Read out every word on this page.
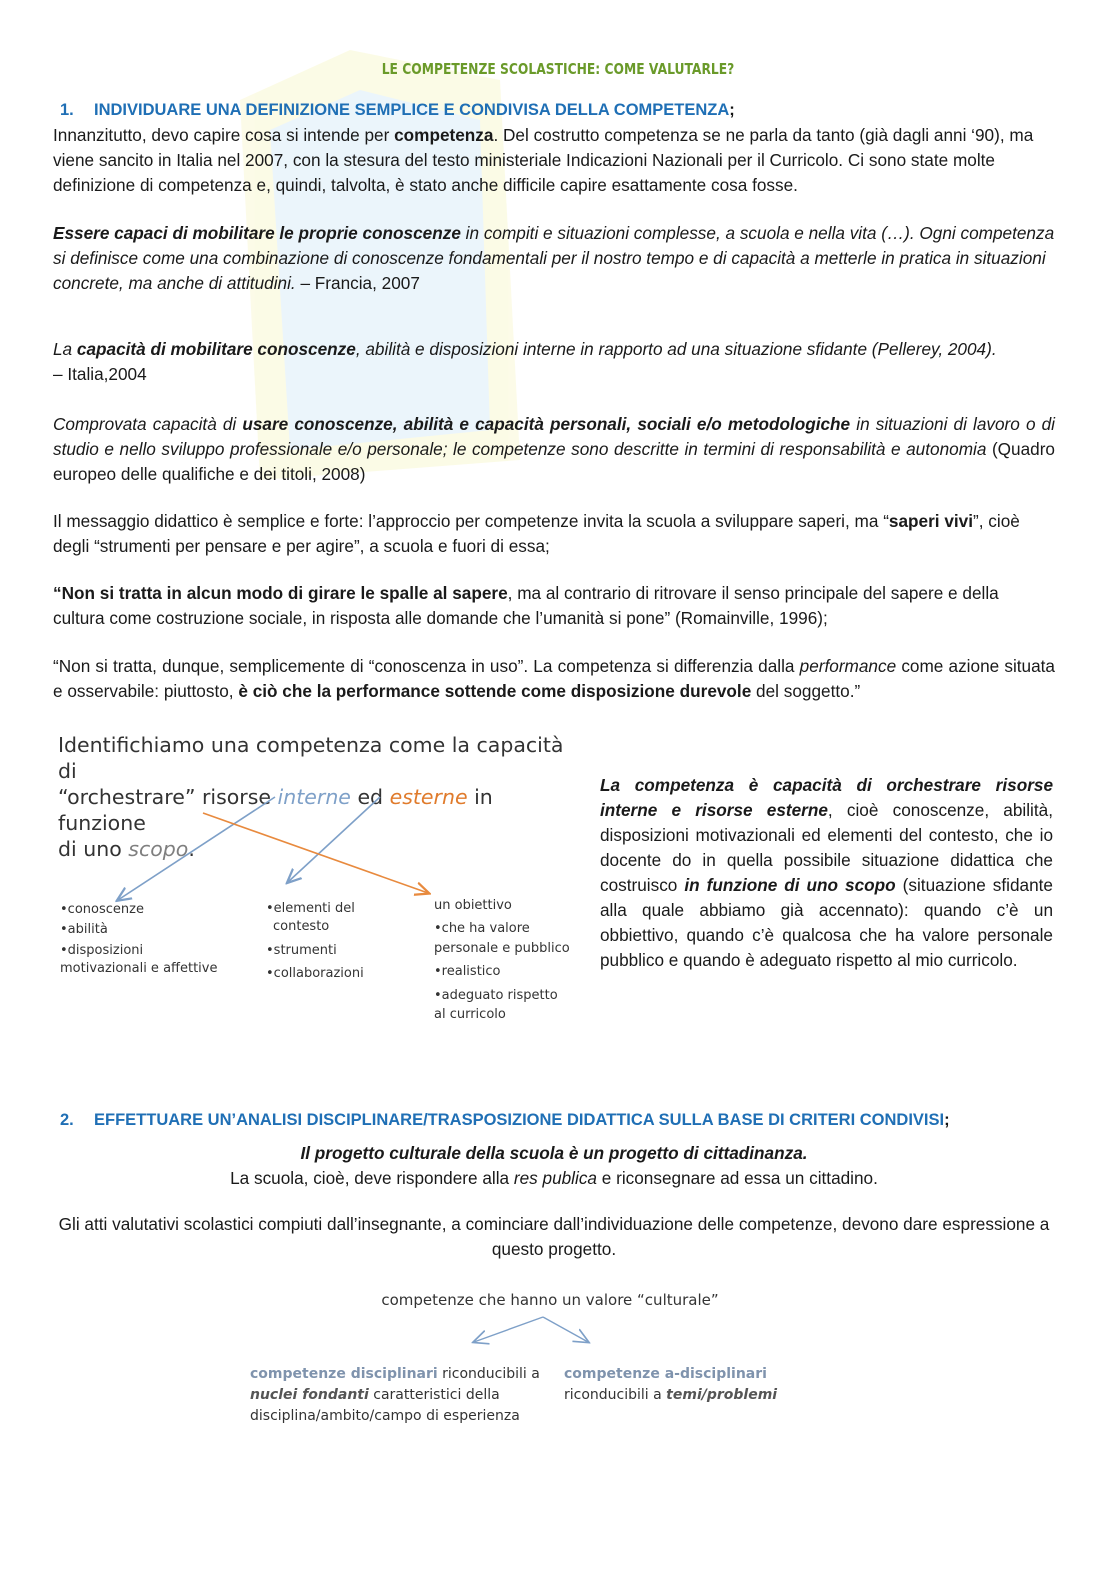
LE COMPETENZE SCOLASTICHE: COME VALUTARLE?
1. INDIVIDUARE UNA DEFINIZIONE SEMPLICE E CONDIVISA DELLA COMPETENZA;
Innanzitutto, devo capire cosa si intende per competenza. Del costrutto competenza se ne parla da tanto (già dagli anni ‘90), ma viene sancito in Italia nel 2007, con la stesura del testo ministeriale Indicazioni Nazionali per il Curricolo. Ci sono state molte definizione di competenza e, quindi, talvolta, è stato anche difficile capire esattamente cosa fosse.
Essere capaci di mobilitare le proprie conoscenze in compiti e situazioni complesse, a scuola e nella vita (…). Ogni competenza si definisce come una combinazione di conoscenze fondamentali per il nostro tempo e di capacità a metterle in pratica in situazioni concrete, ma anche di attitudini. – Francia, 2007
La capacità di mobilitare conoscenze, abilità e disposizioni interne in rapporto ad una situazione sfidante (Pellerey, 2004).
– Italia,2004
Comprovata capacità di usare conoscenze, abilità e capacità personali, sociali e/o metodologiche in situazioni di lavoro o di studio e nello sviluppo professionale e/o personale; le competenze sono descritte in termini di responsabilità e autonomia (Quadro europeo delle qualifiche e dei titoli, 2008)
Il messaggio didattico è semplice e forte: l’approccio per competenze invita la scuola a sviluppare saperi, ma “saperi vivi”, cioè degli “strumenti per pensare e per agire”, a scuola e fuori di essa;
“Non si tratta in alcun modo di girare le spalle al sapere, ma al contrario di ritrovare il senso principale del sapere e della cultura come costruzione sociale, in risposta alle domande che l’umanità si pone” (Romainville, 1996);
“Non si tratta, dunque, semplicemente di “conoscenza in uso”. La competenza si differenzia dalla performance come azione situata e osservabile: piuttosto, è ciò che la performance sottende come disposizione durevole del soggetto.”
Identifichiamo una competenza come la capacità di
“orchestrare” risorse interne ed esterne in funzione
di uno scopo.
•conoscenze
•abilità
•disposizioni
motivazionali e affettive
•elementi del
contesto
•strumenti
•collaborazioni
un obiettivo
•che ha valore
personale e pubblico
•realistico
•adeguato rispetto
al curricolo
La competenza è capacità di orchestrare risorse interne e risorse esterne, cioè conoscenze, abilità, disposizioni motivazionali ed elementi del contesto, che io docente do in quella possibile situazione didattica che costruisco in funzione di uno scopo (situazione sfidante alla quale abbiamo già accennato): quando c’è un obbiettivo, quando c’è qualcosa che ha valore personale pubblico e quando è adeguato rispetto al mio curricolo.
2. EFFETTUARE UN’ANALISI DISCIPLINARE/TRASPOSIZIONE DIDATTICA SULLA BASE DI CRITERI CONDIVISI;
Il progetto culturale della scuola è un progetto di cittadinanza.
La scuola, cioè, deve rispondere alla res publica e riconsegnare ad essa un cittadino.
Gli atti valutativi scolastici compiuti dall’insegnante, a cominciare dall’individuazione delle competenze, devono dare espressione a questo progetto.
competenze che hanno un valore “culturale”
competenze disciplinari riconducibili a
nuclei fondanti caratteristici della
disciplina/ambito/campo di esperienza
competenze a-disciplinari
riconducibili a temi/problemi
